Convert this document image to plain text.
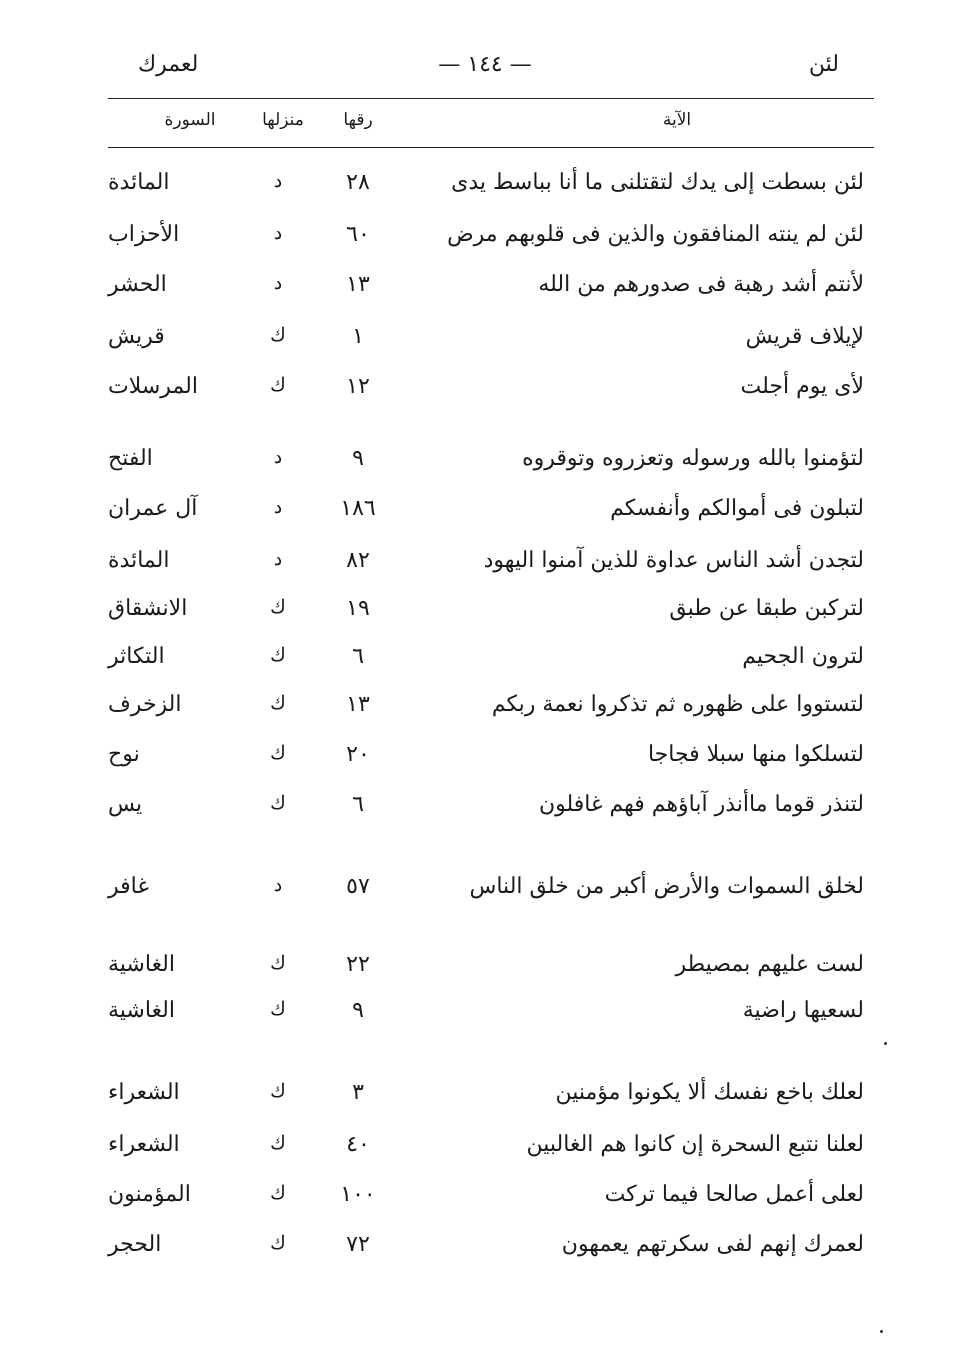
لئن
— ١٤٤ —
لعمرك
الآية
رقها
منزلها
السورة
لئن بسطت إلى يدك لتقتلنى ما أنا بباسط يدى
٢٨
د
المائدة
لئن لم ينته المنافقون والذين فى قلوبهم مرض
٦٠
د
الأحزاب
لأنتم أشد رهبة فى صدورهم من الله
١٣
د
الحشر
لإيلاف قريش
١
ك
قريش
لأى يوم أجلت
١٢
ك
المرسلات
لتؤمنوا بالله ورسوله وتعزروه وتوقروه
٩
د
الفتح
لتبلون فى أموالكم وأنفسكم
١٨٦
د
آل عمران
لتجدن أشد الناس عداوة للذين آمنوا اليهود
٨٢
د
المائدة
لتركبن طبقا عن طبق
١٩
ك
الانشقاق
لترون الجحيم
٦
ك
التكاثر
لتستووا على ظهوره ثم تذكروا نعمة ربكم
١٣
ك
الزخرف
لتسلكوا منها سبلا فجاجا
٢٠
ك
نوح
لتنذر قوما ماأنذر آباؤهم فهم غافلون
٦
ك
يس
لخلق السموات والأرض أكبر من خلق الناس
٥٧
د
غافر
لست عليهم بمصيطر
٢٢
ك
الغاشية
لسعيها راضية
٩
ك
الغاشية
لعلك باخع نفسك ألا يكونوا مؤمنين
٣
ك
الشعراء
لعلنا نتبع السحرة إن كانوا هم الغالبين
٤٠
ك
الشعراء
لعلى أعمل صالحا فيما تركت
١٠٠
ك
المؤمنون
لعمرك إنهم لفى سكرتهم يعمهون
٧٢
ك
الحجر
